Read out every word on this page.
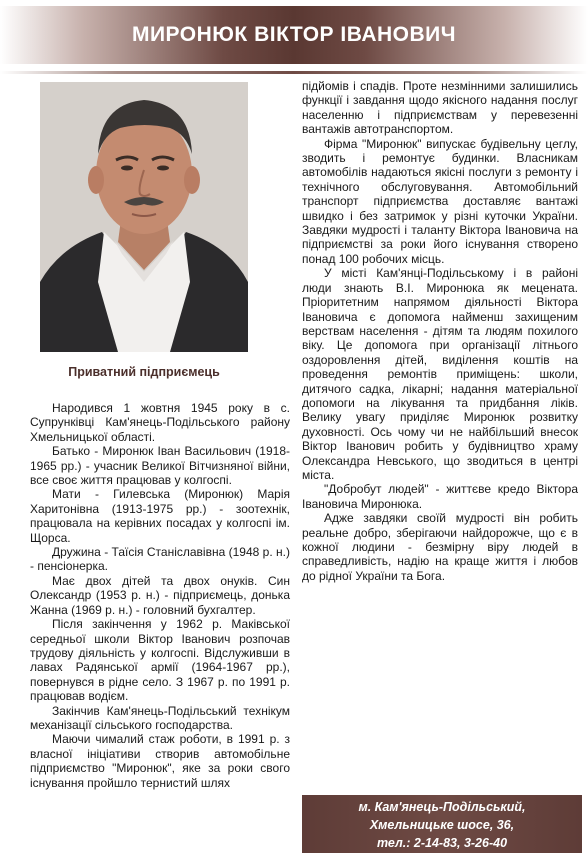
МИРОНЮК ВІКТОР ІВАНОВИЧ
Приватний підприємець

Народився 1 жовтня 1945 року в с. Супрунківці Кам'янець-Подільського району Хмельницької області.

Батько - Миронюк Іван Васильович (1918-1965 рр.) - учасник Великої Вітчизняної війни, все своє життя працював у колгоспі.

Мати - Гилевська (Миронюк) Марія Харитонівна (1913-1975 рр.) - зоотехнік, працювала на керівних посадах у колгоспі ім. Щорса.

Дружина - Таїсія Станіславівна (1948 р. н.) - пенсіонерка.

Має двох дітей та двох онуків. Син Олександр (1953 р. н.) - підприємець, донька Жанна (1969 р. н.) - головний бухгалтер.

Після закінчення у 1962 р. Маківської середньої школи Віктор Іванович розпочав трудову діяльність у колгоспі. Відслуживши в лавах Радянської армії (1964-1967 рр.), повернувся в рідне село. З 1967 р. по 1991 р. працював водієм.

Закінчив Кам'янець-Подільський технікум механізації сільського господарства.

Маючи чималий стаж роботи, в 1991 р. з власної ініціативи створив автомобільне підприємство "Миронюк", яке за роки свого існування пройшло тернистий шлях

підйомів і спадів. Проте незмінними залишились функції і завдання щодо якісного надання послуг населенню і підприємствам у перевезенні вантажів автотранспортом.

Фірма "Миронюк" випускає будівельну цеглу, зводить і ремонтує будинки. Власникам автомобілів надаються якісні послуги з ремонту і технічного обслуговування. Автомобільний транспорт підприємства доставляє вантажі швидко і без затримок у різні куточки України. Завдяки мудрості і таланту Віктора Івановича на підприємстві за роки його існування створено понад 100 робочих місць.

У місті Кам'янці-Подільському і в районі люди знають В.І. Миронюка як мецената. Пріоритетним напрямом діяльності Віктора Івановича є допомога найменш захищеним верствам населення - дітям та людям похилого віку. Це допомога при організації літнього оздоровлення дітей, виділення коштів на проведення ремонтів приміщень: школи, дитячого садка, лікарні; надання матеріальної допомоги на лікування та придбання ліків. Велику увагу приділяє Миронюк розвитку духовності. Ось чому чи не найбільший внесок Віктор Іванович робить у будівництво храму Олександра Невського, що зводиться в центрі міста.

"Добробут людей" - життєве кредо Віктора Івановича Миронюка.

Адже завдяки своїй мудрості він робить реальне добро, зберігаючи найдорожче, що є в кожної людини - безмірну віру людей в справедливість, надію на краще життя і любов до рідної України та Бога.

м. Кам'янець-Подільський,
Хмельницьке шосе, 36,
тел.: 2-14-83, 3-26-40
